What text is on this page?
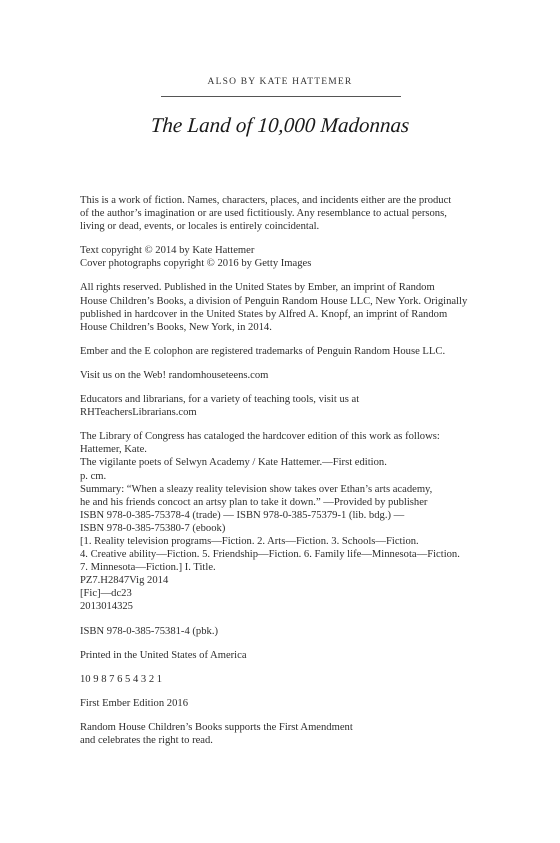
ALSO BY KATE HATTEMER
The Land of 10,000 Madonnas
This is a work of fiction. Names, characters, places, and incidents either are the product
of the author’s imagination or are used fictitiously. Any resemblance to actual persons,
living or dead, events, or locales is entirely coincidental.
Text copyright © 2014 by Kate Hattemer
Cover photographs copyright © 2016 by Getty Images
All rights reserved. Published in the United States by Ember, an imprint of Random
House Children’s Books, a division of Penguin Random House LLC, New York. Originally
published in hardcover in the United States by Alfred A. Knopf, an imprint of Random
House Children’s Books, New York, in 2014.
Ember and the E colophon are registered trademarks of Penguin Random House LLC.
Visit us on the Web! randomhouseteens.com
Educators and librarians, for a variety of teaching tools, visit us at
RHTeachersLibrarians.com
The Library of Congress has cataloged the hardcover edition of this work as follows:
Hattemer, Kate.
The vigilante poets of Selwyn Academy / Kate Hattemer.—First edition.
p. cm.
Summary: “When a sleazy reality television show takes over Ethan’s arts academy,
he and his friends concoct an artsy plan to take it down.” —Provided by publisher
ISBN 978-0-385-75378-4 (trade) — ISBN 978-0-385-75379-1 (lib. bdg.) —
ISBN 978-0-385-75380-7 (ebook)
[1. Reality television programs—Fiction. 2. Arts—Fiction. 3. Schools—Fiction.
4. Creative ability—Fiction. 5. Friendship—Fiction. 6. Family life—Minnesota—Fiction.
7. Minnesota—Fiction.] I. Title.
PZ7.H2847Vig 2014
[Fic]—dc23
2013014325
ISBN 978-0-385-75381-4 (pbk.)
Printed in the United States of America
10 9 8 7 6 5 4 3 2 1
First Ember Edition 2016
Random House Children’s Books supports the First Amendment
and celebrates the right to read.
